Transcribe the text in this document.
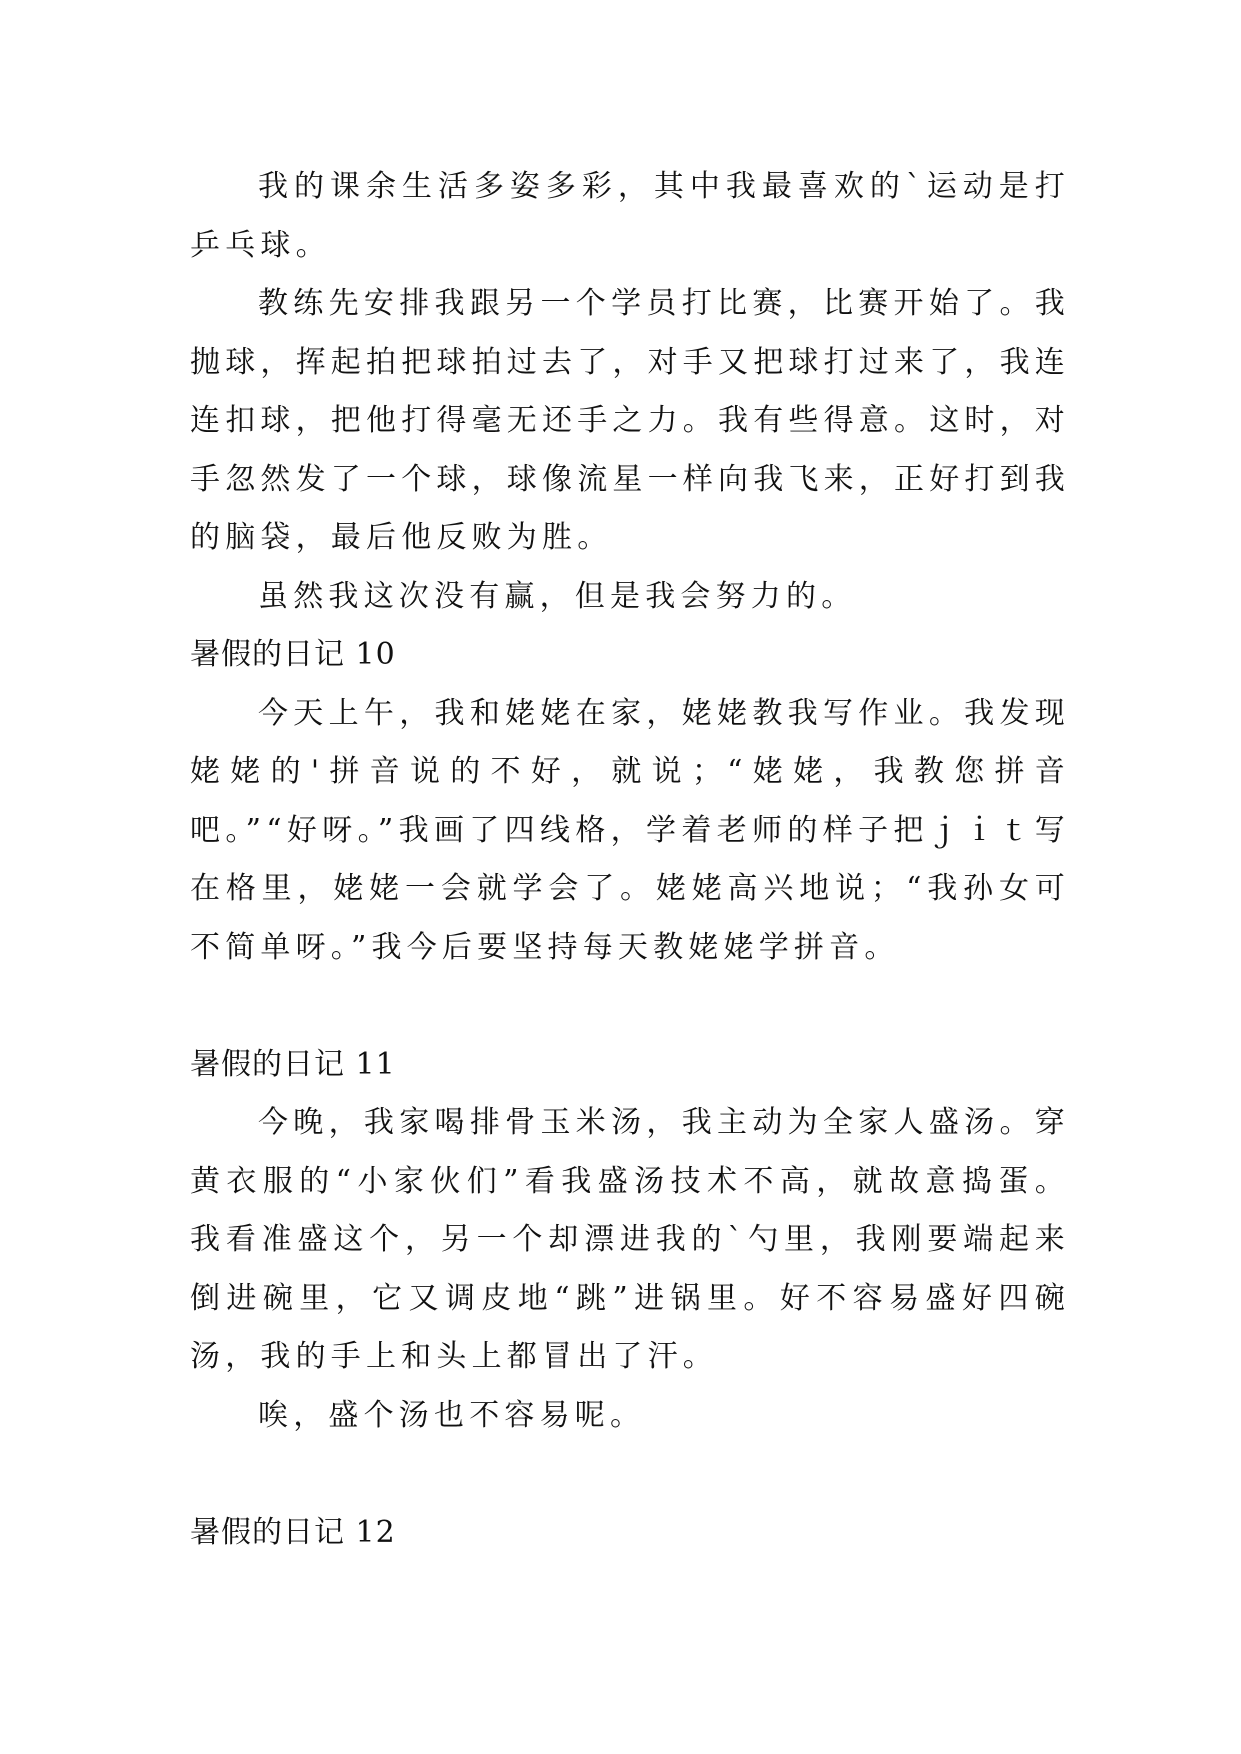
我的课余生活多姿多彩，其中我最喜欢的`运动是打乒乓球。

教练先安排我跟另一个学员打比赛，比赛开始了。我抛球，挥起拍把球拍过去了，对手又把球打过来了，我连连扣球，把他打得毫无还手之力。我有些得意。这时，对手忽然发了一个球，球像流星一样向我飞来，正好打到我的脑袋，最后他反败为胜。

虽然我这次没有赢，但是我会努力的。

暑假的日记 10

今天上午，我和姥姥在家，姥姥教我写作业。我发现姥姥的'拼音说的不好，就说；“姥姥，我教您拼音吧。”“好呀。”我画了四线格，学着老师的样子把ｊｉｔ写在格里，姥姥一会就学会了。姥姥高兴地说；“我孙女可不简单呀。”我今后要坚持每天教姥姥学拼音。

暑假的日记 11

今晚，我家喝排骨玉米汤，我主动为全家人盛汤。穿黄衣服的“小家伙们”看我盛汤技术不高，就故意捣蛋。我看准盛这个，另一个却漂进我的`勺里，我刚要端起来倒进碗里，它又调皮地“跳”进锅里。好不容易盛好四碗汤，我的手上和头上都冒出了汗。

唉，盛个汤也不容易呢。

暑假的日记 12
